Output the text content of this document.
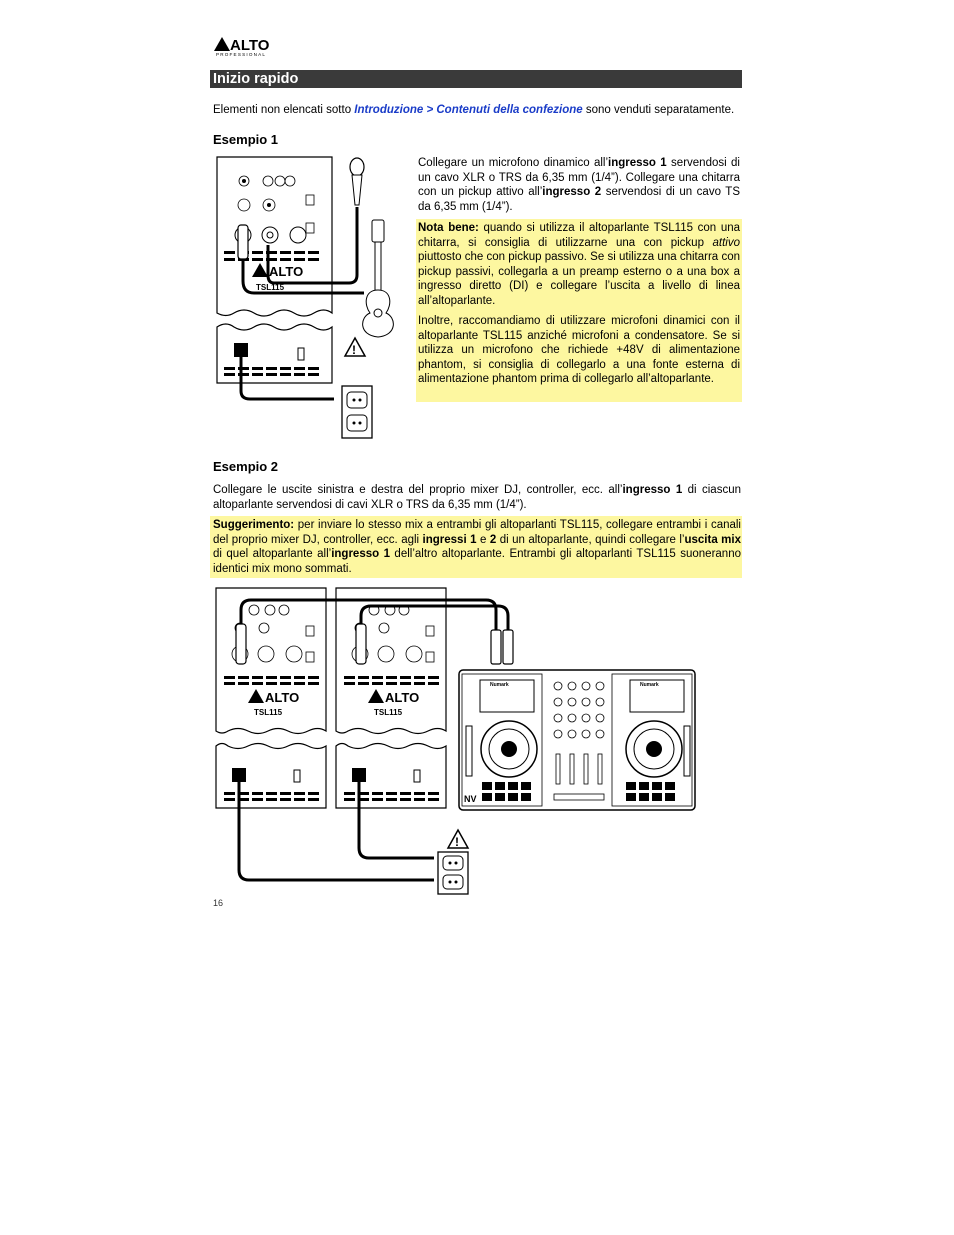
ALTO
PROFESSIONAL
Inizio rapido
Elementi non elencati sotto Introduzione > Contenuti della confezione sono venduti separatamente.
Esempio 1
Collegare un microfono dinamico all’ingresso 1 servendosi di un cavo XLR o TRS da 6,35 mm (1/4”). Collegare una chitarra con un pickup attivo all’ingresso 2 servendosi di un cavo TS da 6,35 mm (1/4”).
Nota bene: quando si utilizza il altoparlante TSL115 con una chitarra, si consiglia di utilizzarne una con pickup attivo piuttosto che con pickup passivo. Se si utilizza una chitarra con pickup passivi, collegarla a un preamp esterno o a una box a ingresso diretto (DI) e collegare l’uscita a livello di linea all’altoparlante.
Inoltre, raccomandiamo di utilizzare microfoni dinamici con il altoparlante TSL115 anziché microfoni a condensatore. Se si utilizza un microfono che richiede +48V di alimentazione phantom, si consiglia di collegarlo a una fonte esterna di alimentazione phantom prima di collegarlo all’altoparlante.
ALTO
TSL115
!
Esempio 2
Collegare le uscite sinistra e destra del proprio mixer DJ, controller, ecc. all’ingresso 1 di ciascun altoparlante servendosi di cavi XLR o TRS da 6,35 mm (1/4”).
Suggerimento: per inviare lo stesso mix a entrambi gli altoparlanti TSL115, collegare entrambi i canali del proprio mixer DJ, controller, ecc. agli ingressi 1 e 2 di un altoparlante, quindi collegare l’uscita mix di quel altoparlante all’ingresso 1 dell’altro altoparlante. Entrambi gli altoparlanti TSL115 suoneranno identici mix mono sommati.
ALTO
TSL115
ALTO
TSL115
Numark	Numark
NV
!
16
